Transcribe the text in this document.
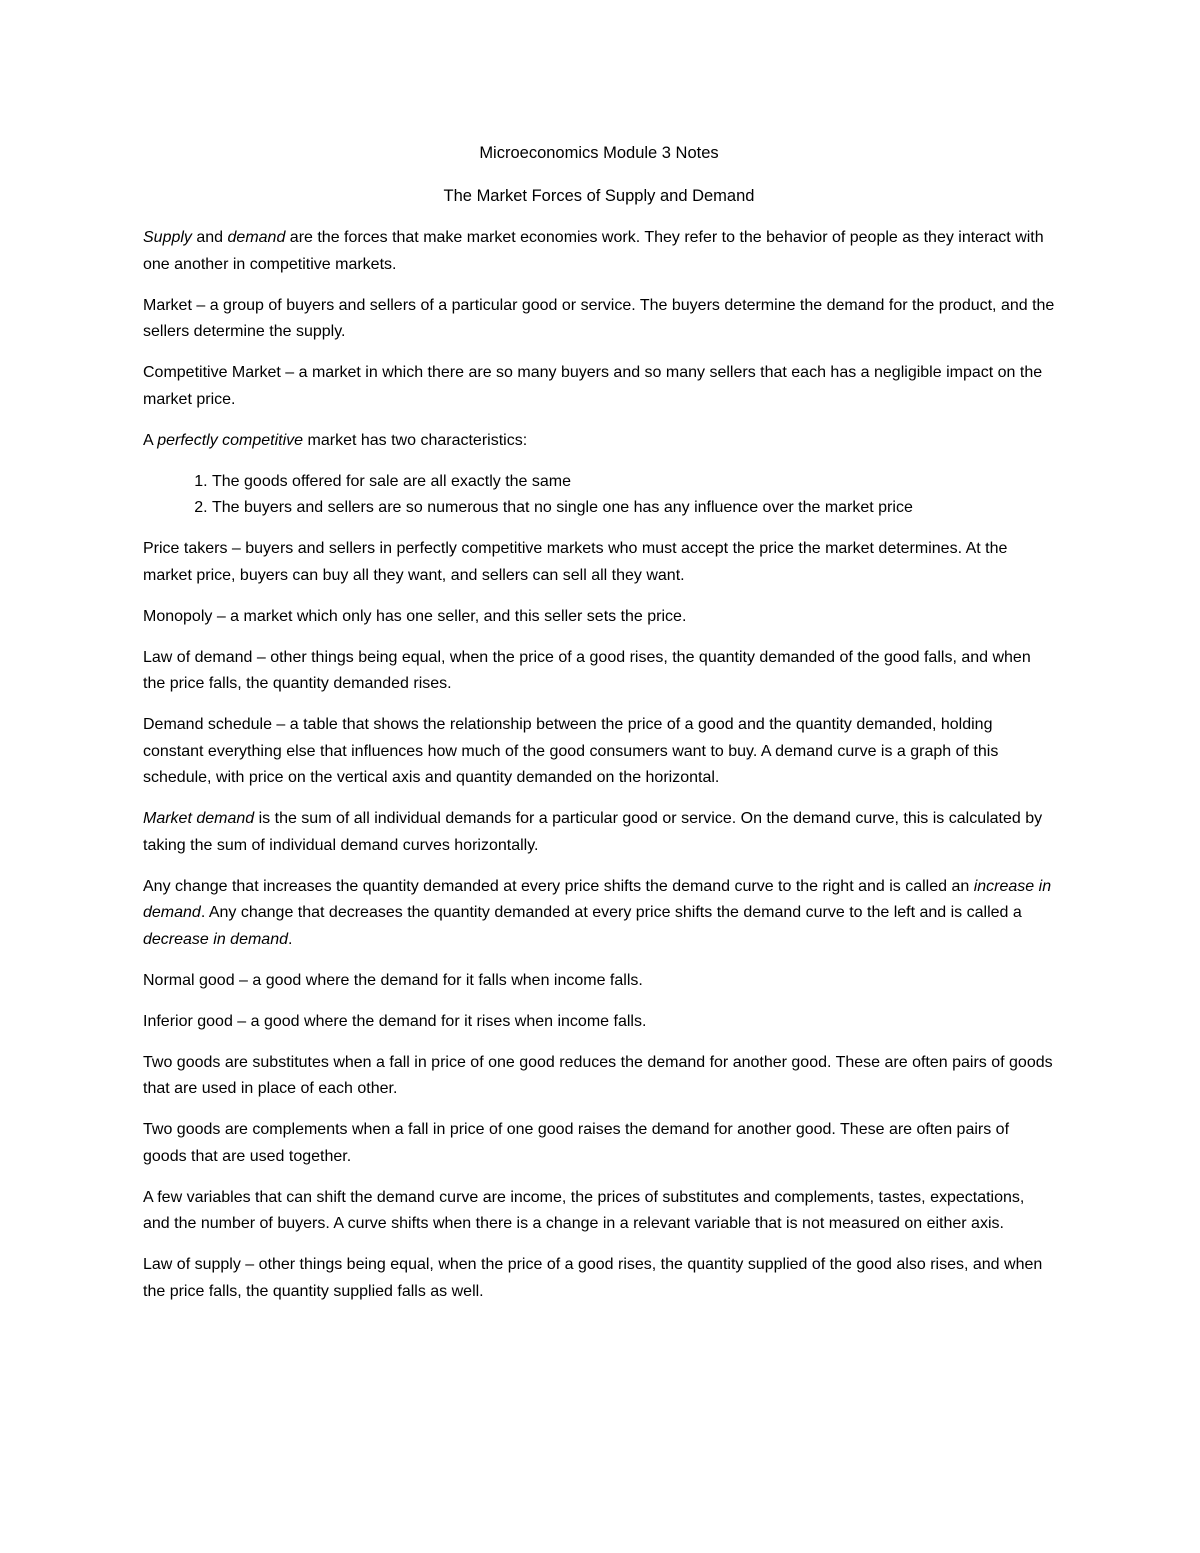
Microeconomics Module 3 Notes

The Market Forces of Supply and Demand

Supply and demand are the forces that make market economies work. They refer to the behavior of people as they interact with one another in competitive markets.

Market – a group of buyers and sellers of a particular good or service. The buyers determine the demand for the product, and the sellers determine the supply.

Competitive Market – a market in which there are so many buyers and so many sellers that each has a negligible impact on the market price.

A perfectly competitive market has two characteristics:

1. The goods offered for sale are all exactly the same
2. The buyers and sellers are so numerous that no single one has any influence over the market price

Price takers – buyers and sellers in perfectly competitive markets who must accept the price the market determines. At the market price, buyers can buy all they want, and sellers can sell all they want.

Monopoly – a market which only has one seller, and this seller sets the price.

Law of demand – other things being equal, when the price of a good rises, the quantity demanded of the good falls, and when the price falls, the quantity demanded rises.

Demand schedule – a table that shows the relationship between the price of a good and the quantity demanded, holding constant everything else that influences how much of the good consumers want to buy. A demand curve is a graph of this schedule, with price on the vertical axis and quantity demanded on the horizontal.

Market demand is the sum of all individual demands for a particular good or service. On the demand curve, this is calculated by taking the sum of individual demand curves horizontally.

Any change that increases the quantity demanded at every price shifts the demand curve to the right and is called an increase in demand. Any change that decreases the quantity demanded at every price shifts the demand curve to the left and is called a decrease in demand.

Normal good – a good where the demand for it falls when income falls.

Inferior good – a good where the demand for it rises when income falls.

Two goods are substitutes when a fall in price of one good reduces the demand for another good. These are often pairs of goods that are used in place of each other.

Two goods are complements when a fall in price of one good raises the demand for another good. These are often pairs of goods that are used together.

A few variables that can shift the demand curve are income, the prices of substitutes and complements, tastes, expectations, and the number of buyers. A curve shifts when there is a change in a relevant variable that is not measured on either axis.

Law of supply – other things being equal, when the price of a good rises, the quantity supplied of the good also rises, and when the price falls, the quantity supplied falls as well.
